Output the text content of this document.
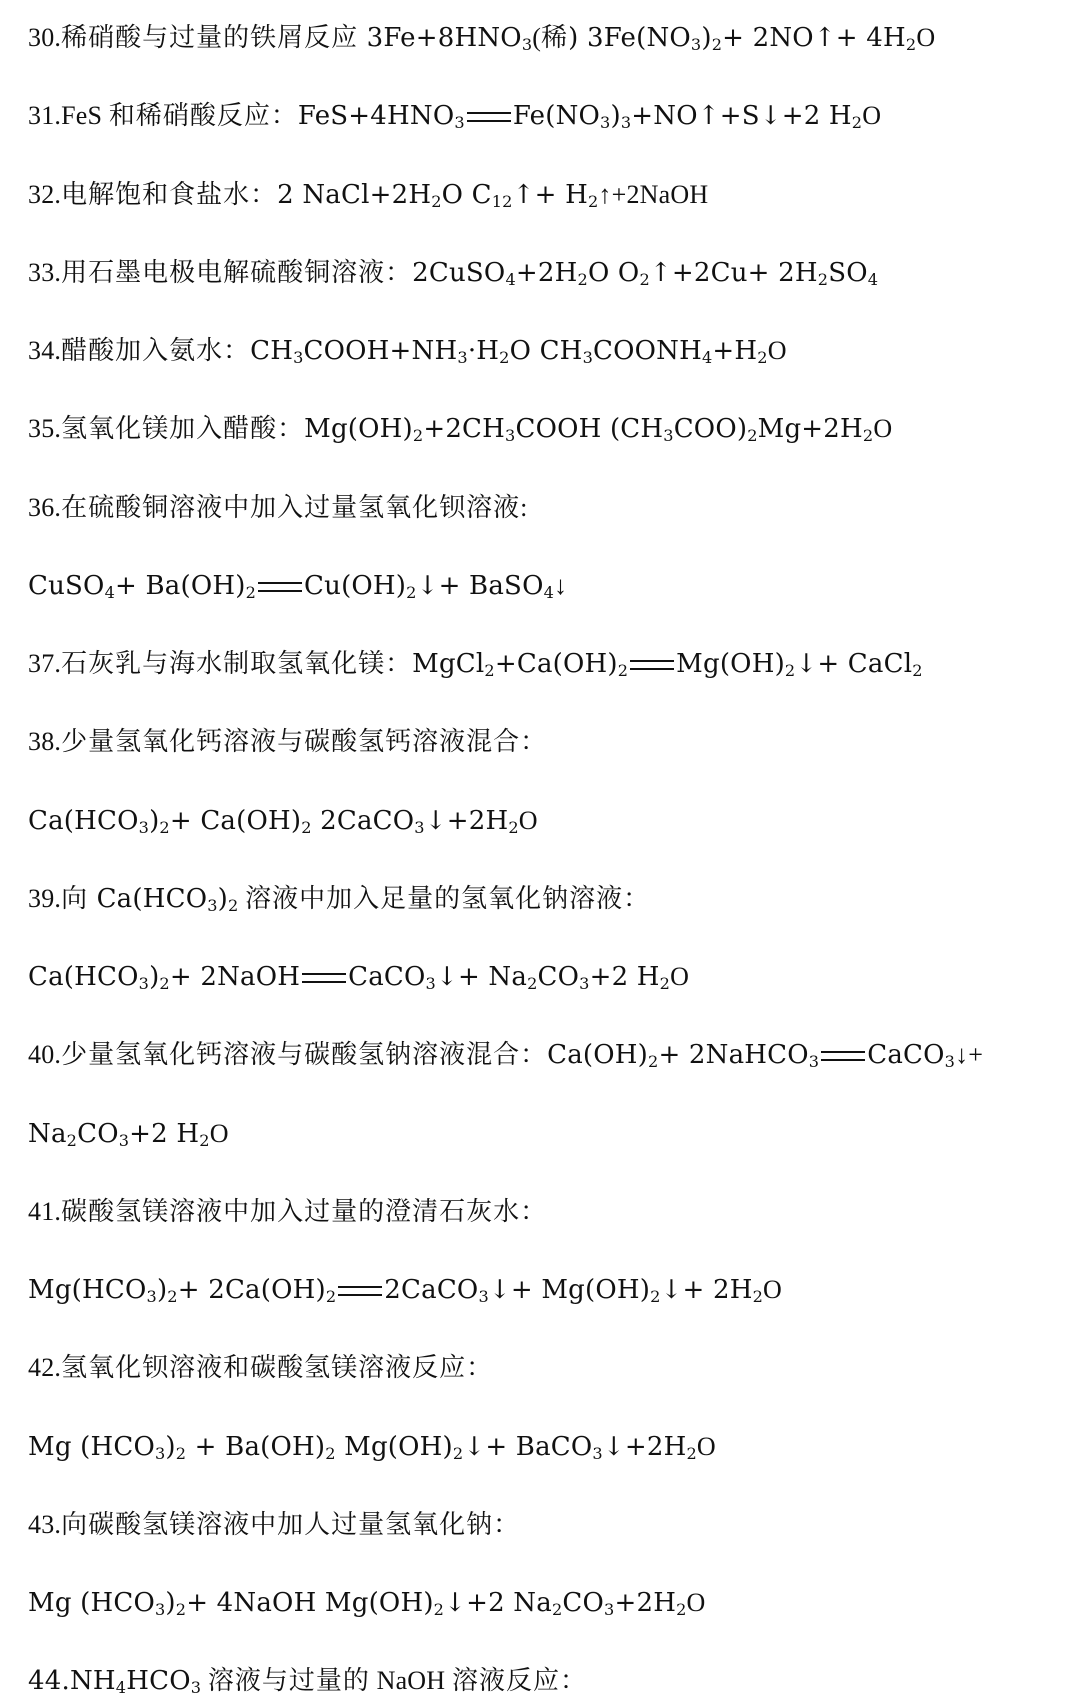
30.稀硝酸与过量的铁屑反应 $3Fe+8HNO_3$(稀) $3Fe(NO_3)_2+$ 2NO↑+ $4H_2O$
31.FeS 和稀硝酸反应：$FeS+4HNO_3$ $Fe(NO_3)_3+NO↑+S↓+2$ $H_2O$
32.电解饱和食盐水：2 $NaCl+2H_2O$ $C_{12}↑+$ $H_2↑+2NaOH$
33.用石墨电极电解硫酸铜溶液：$2CuSO_4+2H_2O$ $O_2↑+2Cu+ 2H_2SO_4$
34.醋酸加入氨水：$CH_3COOH+NH_3\cdot H_2O$ $CH_3COONH_4+H_2O$
35.氢氧化镁加入醋酸：$Mg(OH)_2+2CH_3COOH$ $(CH_3COO)_2Mg+2H_2O$
36.在硫酸铜溶液中加入过量氢氧化钡溶液:
CuSO$_4$+ $Ba(OH)_2$ $Cu(OH)_2↓+$ BaSO$_4$↓
37.石灰乳与海水制取氢氧化镁：$MgCl_2+Ca(OH)_2$ $Mg(OH)_2↓+$ CaCl$_2$
38.少量氢氧化钙溶液与碳酸氢钙溶液混合：
$Ca(HCO_3)_2+ Ca(OH)_2$ $2CaCO_3↓+2H_2O$
39.向 $Ca(HCO_3)_2$ 溶液中加入足量的氢氧化钠溶液：
$Ca(HCO_3)_2+$ 2NaOH CaCO$_3$↓+ $Na_2CO_3+2$ $H_2O$
40.少量氢氧化钙溶液与碳酸氢钠溶液混合：$Ca(OH)_2+$ 2NaHCO$_3$ CaCO$_3$↓+
$Na_2CO_3+2$ $H_2O$
41.碳酸氢镁溶液中加入过量的澄清石灰水：
$Mg(HCO_3)_2+ 2Ca(OH)_2$ 2CaCO$_3$↓+ $Mg(OH)_2↓+ 2H_2O$
42.氢氧化钡溶液和碳酸氢镁溶液反应：
Mg $(HCO_3)_2 + Ba(OH)_2$ $Mg(OH)_2↓+$ $BaCO_3↓+2H_2O$
43.向碳酸氢镁溶液中加人过量氢氧化钠：
Mg $(HCO_3)_2+$ 4NaOH $Mg(OH)_2↓+2$ $Na_2CO_3+2H_2O$
$44.NH_4HCO_3$ 溶液与过量的 NaOH 溶液反应：
